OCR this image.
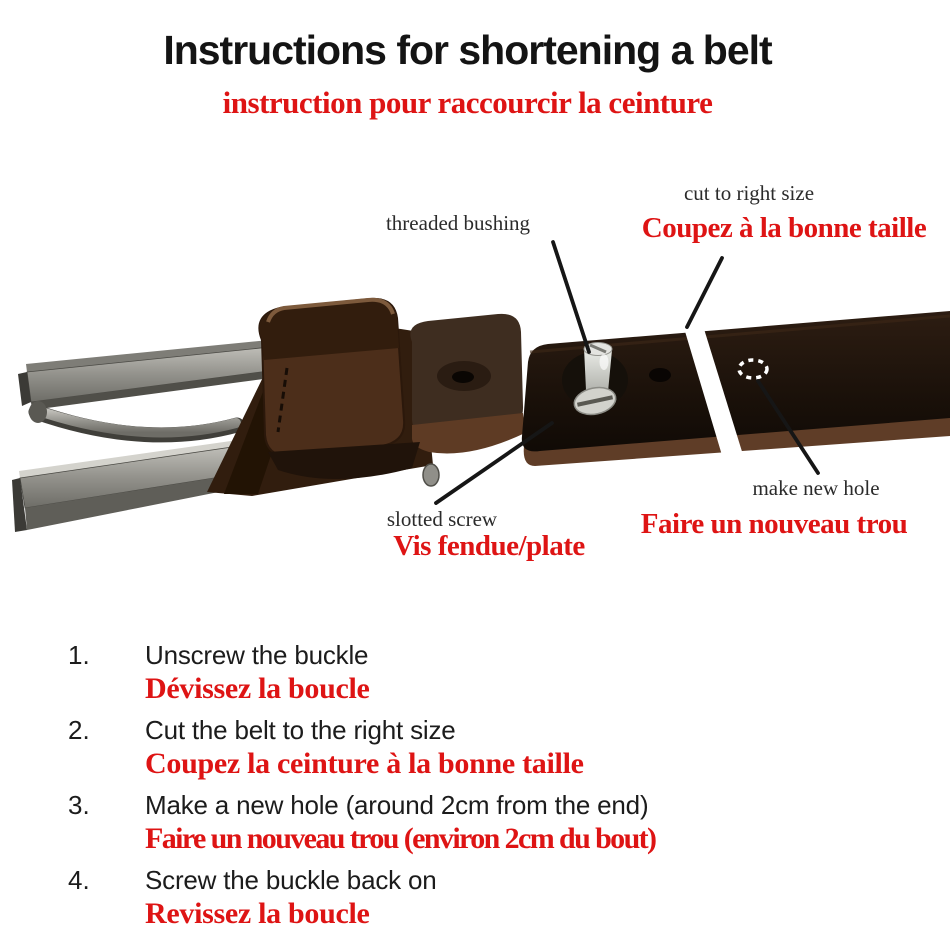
Instructions for shortening a belt
instruction pour raccourcir la ceinture
threaded bushing
cut to right size
Coupez à la bonne taille
slotted screw
Vis fendue/plate
make new hole
Faire un nouveau trou
1.	Unscrew the buckle
Dévissez la boucle
2.	Cut the belt to the right size
Coupez la ceinture à la bonne taille
3.	Make a new hole (around 2cm from the end)
Faire un nouveau trou (environ 2cm du bout)
4.	Screw the buckle back on
Revissez la boucle
